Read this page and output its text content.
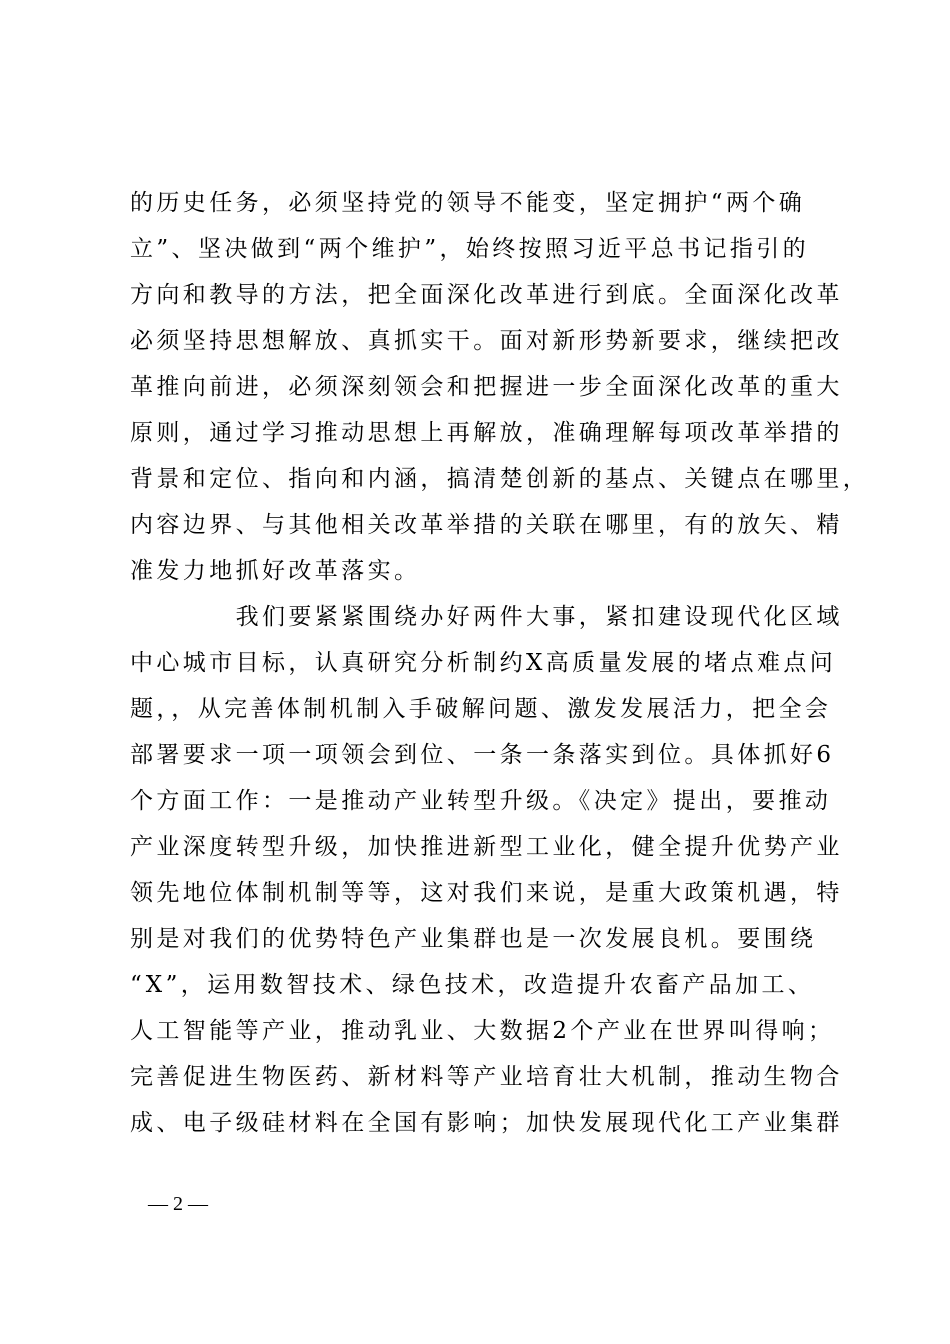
的历史任务，必须坚持党的领导不能变，坚定拥护“两个确
立”、坚决做到“两个维护”，始终按照习近平总书记指引的
方向和教导的方法，把全面深化改革进行到底。全面深化改革
必须坚持思想解放、真抓实干。面对新形势新要求，继续把改
革推向前进，必须深刻领会和把握进一步全面深化改革的重大
原则，通过学习推动思想上再解放，准确理解每项改革举措的
背景和定位、指向和内涵，搞清楚创新的基点、关键点在哪里，
内容边界、与其他相关改革举措的关联在哪里，有的放矢、精
准发力地抓好改革落实。
　　　　我们要紧紧围绕办好两件大事，紧扣建设现代化区域
中心城市目标，认真研究分析制约X高质量发展的堵点难点问
题，，从完善体制机制入手破解问题、激发发展活力，把全会
部署要求一项一项领会到位、一条一条落实到位。具体抓好6
个方面工作：一是推动产业转型升级。《决定》提出，要推动
产业深度转型升级，加快推进新型工业化，健全提升优势产业
领先地位体制机制等等，这对我们来说，是重大政策机遇，特
别是对我们的优势特色产业集群也是一次发展良机。要围绕
“X”，运用数智技术、绿色技术，改造提升农畜产品加工、
人工智能等产业，推动乳业、大数据2个产业在世界叫得响；
完善促进生物医药、新材料等产业培育壮大机制，推动生物合
成、电子级硅材料在全国有影响；加快发展现代化工产业集群
— 2 —
